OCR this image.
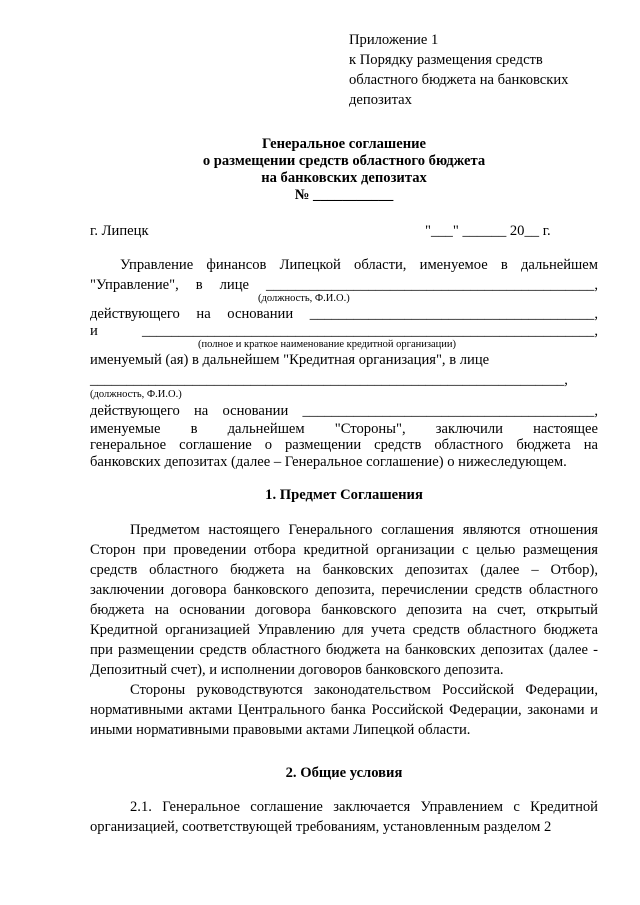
Приложение 1
к Порядку размещения средств
областного бюджета на банковских
депозитах
Генеральное соглашение
о размещении средств областного бюджета
на банковских депозитах
№ ___________
г. Липецк	"___" ______ 20__ г.
Управление финансов Липецкой области, именуемое в дальнейшем
"Управление", в лице _____________________________________________,
(должность, Ф.И.О.)
действующего на основании _______________________________________,
и ______________________________________________________________,
(полное и краткое наименование кредитной организации)
именуемый (ая) в дальнейшем "Кредитная организация", в лице
_________________________________________________________________,
(должность, Ф.И.О.)
действующего на основании ________________________________________,
именуемые в дальнейшем "Стороны", заключили настоящее
генеральное соглашение о размещении средств областного бюджета на
банковских депозитах (далее – Генеральное соглашение) о нижеследующем.
1. Предмет Соглашения
Предметом настоящего Генерального соглашения являются отношения Сторон при проведении отбора кредитной организации с целью размещения средств областного бюджета на банковских депозитах (далее – Отбор), заключении договора банковского депозита, перечислении средств областного бюджета на основании договора банковского депозита на счет, открытый Кредитной организацией Управлению для учета средств областного бюджета при размещении средств областного бюджета на банковских депозитах (далее - Депозитный счет), и исполнении договоров банковского депозита.
Стороны руководствуются законодательством Российской Федерации, нормативными актами Центрального банка Российской Федерации, законами и иными нормативными правовыми актами Липецкой области.
2. Общие условия
2.1. Генеральное соглашение заключается Управлением с Кредитной организацией, соответствующей требованиям, установленным разделом 2
